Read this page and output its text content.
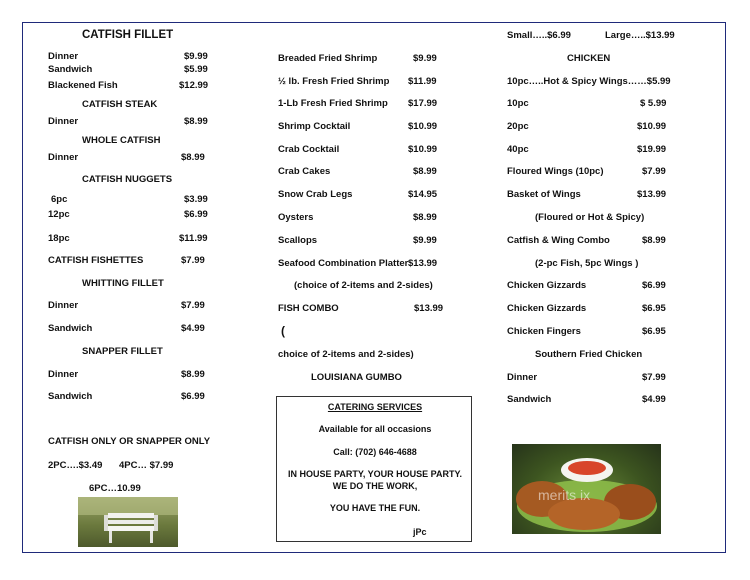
CATFISH FILLET
Dinner	$9.99
Sandwich	$5.99
Blackened Fish	$12.99
CATFISH STEAK
Dinner	$8.99
WHOLE CATFISH
Dinner	$8.99
CATFISH NUGGETS
6pc	$3.99
12pc	$6.99
18pc	$11.99
CATFISH FISHETTES	$7.99
WHITTING FILLET
Dinner	$7.99
Sandwich	$4.99
SNAPPER FILLET
Dinner	$8.99
Sandwich	$6.99
CATFISH ONLY OR SNAPPER ONLY
2PC….$3.49 4PC… $7.99
6PC…10.99
Breaded Fried Shrimp	$9.99
½ lb. Fresh Fried Shrimp $11.99
1-Lb Fresh Fried Shrimp $17.99
Shrimp Cocktail	$10.99
Crab Cocktail	$10.99
Crab Cakes	$8.99
Snow Crab Legs	$14.95
Oysters	$8.99
Scallops	$9.99
Seafood Combination Platter $13.99
(choice of 2-items and 2-sides)
FISH COMBO	$13.99
(
choice of 2-items and 2-sides)
LOUISIANA GUMBO
CATERING SERVICES
Available for all occasions
Call: (702) 646-4688
IN HOUSE PARTY, YOUR HOUSE PARTY.
WE DO THE WORK,
YOU HAVE THE FUN.
jPc
Small…..$6.99	Large…..$13.99
CHICKEN
10pc…..Hot & Spicy Wings……$5.99
10pc	$ 5.99
20pc	$10.99
40pc	$19.99
Floured Wings (10pc)	$7.99
Basket of Wings	$13.99
(Floured or Hot & Spicy)
Catfish & Wing Combo	$8.99
(2-pc Fish, 5pc Wings )
Chicken Gizzards	$6.99
Chicken Gizzards	$6.95
Chicken Fingers	$6.95
Southern Fried Chicken
Dinner	$7.99
Sandwich	$4.99
merits ix
